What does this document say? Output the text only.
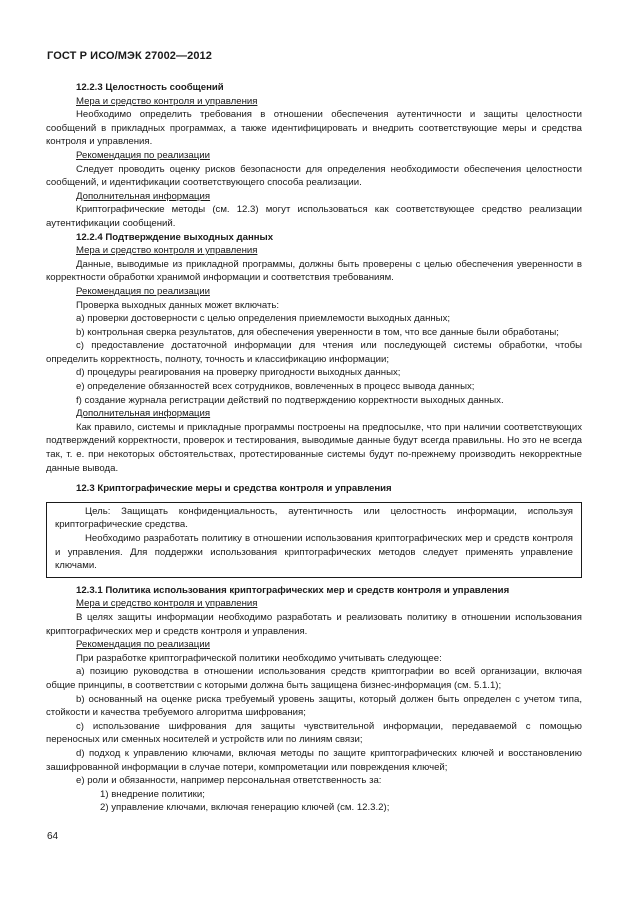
ГОСТ Р ИСО/МЭК 27002—2012

12.2.3 Целостность сообщений

Мера и средство контроля и управления

Необходимо определить требования в отношении обеспечения аутентичности и защиты целостности сообщений в прикладных программах, а также идентифицировать и внедрить соответствующие меры и средства контроля и управления.

Рекомендация по реализации

Следует проводить оценку рисков безопасности для определения необходимости обеспечения целостности сообщений, и идентификации соответствующего способа реализации.

Дополнительная информация

Криптографические методы (см. 12.3) могут использоваться как соответствующее средство реализации аутентификации сообщений.

12.2.4 Подтверждение выходных данных

Мера и средство контроля и управления

Данные, выводимые из прикладной программы, должны быть проверены с целью обеспечения уверенности в корректности обработки хранимой информации и соответствия требованиям.

Рекомендация по реализации

Проверка выходных данных может включать:

a) проверки достоверности с целью определения приемлемости выходных данных;

b) контрольная сверка результатов, для обеспечения уверенности в том, что все данные были обработаны;

c) предоставление достаточной информации для чтения или последующей системы обработки, чтобы определить корректность, полноту, точность и классификацию информации;

d) процедуры реагирования на проверку пригодности выходных данных;

e) определение обязанностей всех сотрудников, вовлеченных в процесс вывода данных;

f) создание журнала регистрации действий по подтверждению корректности выходных данных.

Дополнительная информация

Как правило, системы и прикладные программы построены на предпосылке, что при наличии соответствующих подтверждений корректности, проверок и тестирования, выводимые данные будут всегда правильны. Но это не всегда так, т. е. при некоторых обстоятельствах, протестированные системы будут по-прежнему производить некорректные данные вывода.

12.3 Криптографические меры и средства контроля и управления

Цель: Защищать конфиденциальность, аутентичность или целостность информации, используя криптографические средства.

Необходимо разработать политику в отношении использования криптографических мер и средств контроля и управления. Для поддержки использования криптографических методов следует применять управление ключами.

12.3.1 Политика использования криптографических мер и средств контроля и управления

Мера и средство контроля и управления

В целях защиты информации необходимо разработать и реализовать политику в отношении использования криптографических мер и средств контроля и управления.

Рекомендация по реализации

При разработке криптографической политики необходимо учитывать следующее:

a) позицию руководства в отношении использования средств криптографии во всей организации, включая общие принципы, в соответствии с которыми должна быть защищена бизнес-информация (см. 5.1.1);

b) основанный на оценке риска требуемый уровень защиты, который должен быть определен с учетом типа, стойкости и качества требуемого алгоритма шифрования;

c) использование шифрования для защиты чувствительной информации, передаваемой с помощью переносных или сменных носителей и устройств или по линиям связи;

d) подход к управлению ключами, включая методы по защите криптографических ключей и восстановлению зашифрованной информации в случае потери, компрометации или повреждения ключей;

e) роли и обязанности, например персональная ответственность за:

1) внедрение политики;

2) управление ключами, включая генерацию ключей (см. 12.3.2);

64
